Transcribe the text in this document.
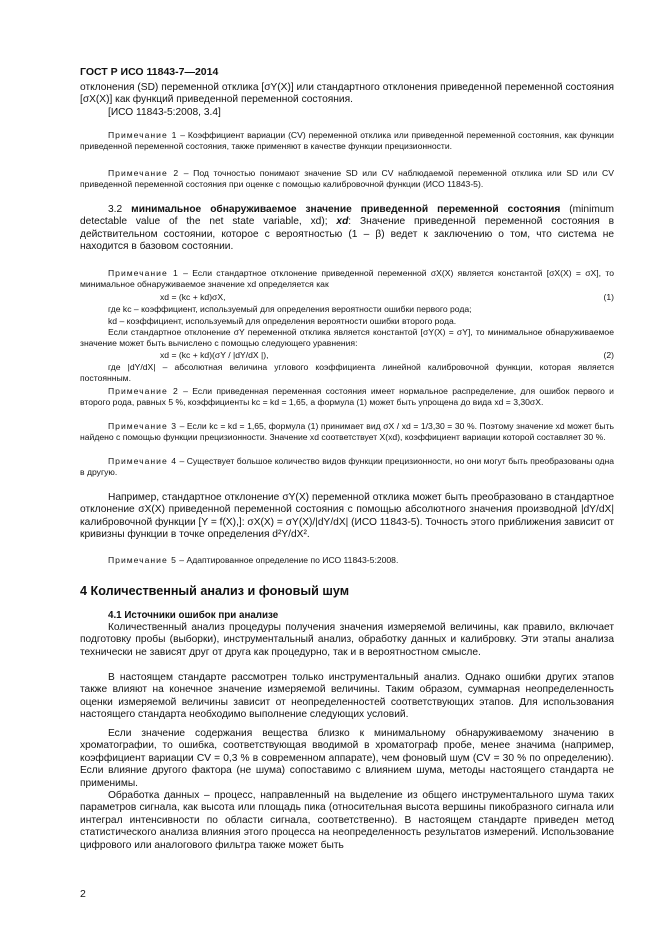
ГОСТ Р ИСО 11843-7—2014

отклонения (SD) переменной отклика [σY(X)] или стандартного отклонения приведенной переменной состояния [σX(X)] как функций приведенной переменной состояния.

[ИСО 11843-5:2008, 3.4]

Примечание 1 – Коэффициент вариации (CV) переменной отклика или приведенной переменной состояния, как функции приведенной переменной состояния, также применяют в качестве функции прецизионности.

Примечание 2 – Под точностью понимают значение SD или CV наблюдаемой переменной отклика или SD или CV приведенной переменной состояния при оценке с помощью калибровочной функции (ИСО 11843-5).

3.2 минимальное обнаруживаемое значение приведенной переменной состояния (minimum detectable value of the net state variable, xd); xd: Значение приведенной переменной состояния в действительном состоянии, которое с вероятностью (1 – β) ведет к заключению о том, что система не находится в базовом состоянии.

Примечание 1 – Если стандартное отклонение приведенной переменной σX(X) является константой [σX(X) = σX], то минимальное обнаруживаемое значение xd определяется как

xd = (kc + kd)σX,	(1)

где kc – коэффициент, используемый для определения вероятности ошибки первого рода;

kd – коэффициент, используемый для определения вероятности ошибки второго рода.

Если стандартное отклонение σY переменной отклика является константой [σY(X) = σY], то минимальное обнаруживаемое значение может быть вычислено с помощью следующего уравнения:

xd = (kc + kd)(σY / |dY/dX |),	(2)

где |dY/dX| – абсолютная величина углового коэффициента линейной калибровочной функции, которая является постоянным.

Примечание 2 – Если приведенная переменная состояния имеет нормальное распределение, для ошибок первого и второго рода, равных 5 %, коэффициенты kc = kd = 1,65, а формула (1) может быть упрощена до вида xd = 3,30σX.

Примечание 3 – Если kc = kd = 1,65, формула (1) принимает вид σX / xd = 1/3,30 = 30 %. Поэтому значение xd может быть найдено с помощью функции прецизионности. Значение xd соответствует X(xd), коэффициент вариации которой составляет 30 %.

Примечание 4 – Существует большое количество видов функции прецизионности, но они могут быть преобразованы одна в другую.

Например, стандартное отклонение σY(X) переменной отклика может быть преобразовано в стандартное отклонение σX(X) приведенной переменной состояния с помощью абсолютного значения производной |dY/dX| калибровочной функции [Y = f(X),]: σX(X) = σY(X)/|dY/dX| (ИСО 11843-5). Точность этого приближения зависит от кривизны функции в точке определения d²Y/dX².

Примечание 5 – Адаптированное определение по ИСО 11843-5:2008.

4 Количественный анализ и фоновый шум
4.1 Источники ошибок при анализе

Количественный анализ процедуры получения значения измеряемой величины, как правило, включает подготовку пробы (выборки), инструментальный анализ, обработку данных и калибровку. Эти этапы анализа технически не зависят друг от друга как процедурно, так и в вероятностном смысле.

В настоящем стандарте рассмотрен только инструментальный анализ. Однако ошибки других этапов также влияют на конечное значение измеряемой величины. Таким образом, суммарная неопределенность оценки измеряемой величины зависит от неопределенностей соответствующих этапов. Для использования настоящего стандарта необходимо выполнение следующих условий.

Если значение содержания вещества близко к минимальному обнаруживаемому значению в хроматографии, то ошибка, соответствующая вводимой в хроматограф пробе, менее значима (например, коэффициент вариации CV = 0,3 % в современном аппарате), чем фоновый шум (CV = 30 % по определению). Если влияние другого фактора (не шума) сопоставимо с влиянием шума, методы настоящего стандарта не применимы.

Обработка данных – процесс, направленный на выделение из общего инструментального шума таких параметров сигнала, как высота или площадь пика (относительная высота вершины пикобразного сигнала или интеграл интенсивности по области сигнала, соответственно). В настоящем стандарте приведен метод статистического анализа влияния этого процесса на неопределенность результатов измерений. Использование цифрового или аналогового фильтра также может быть

2
